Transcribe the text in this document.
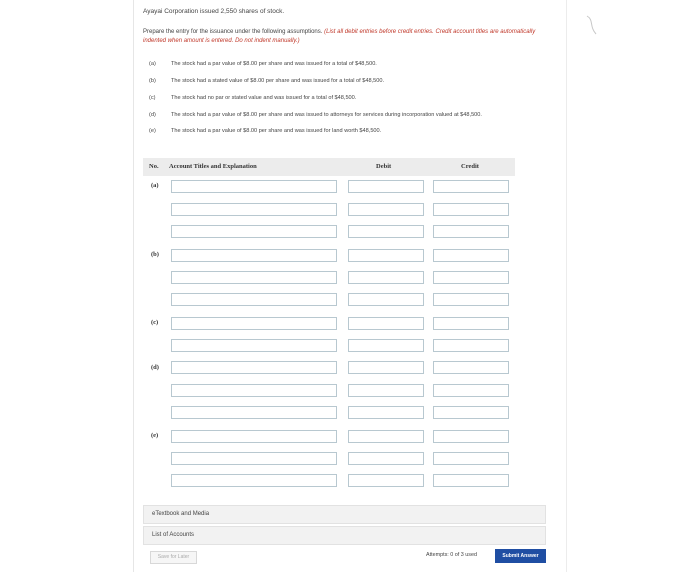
Ayayai Corporation issued 2,550 shares of stock.
Prepare the entry for the issuance under the following assumptions. (List all debit entries before credit entries. Credit account titles are automatically indented when amount is entered. Do not indent manually.)
(a)	The stock had a par value of $8.00 per share and was issued for a total of $48,500.
(b)	The stock had a stated value of $8.00 per share and was issued for a total of $48,500.
(c)	The stock had no par or stated value and was issued for a total of $48,500.
(d)	The stock had a par value of $8.00 per share and was issued to attorneys for services during incorporation valued at $48,500.
(e)	The stock had a par value of $8.00 per share and was issued for land worth $48,500.
No. Account Titles and Explanation	Debit	Credit
(a)
(b)
(c)
(d)
(e)
eTextbook and Media
List of Accounts
Save for Later	Attempts: 0 of 3 used	Submit Answer
